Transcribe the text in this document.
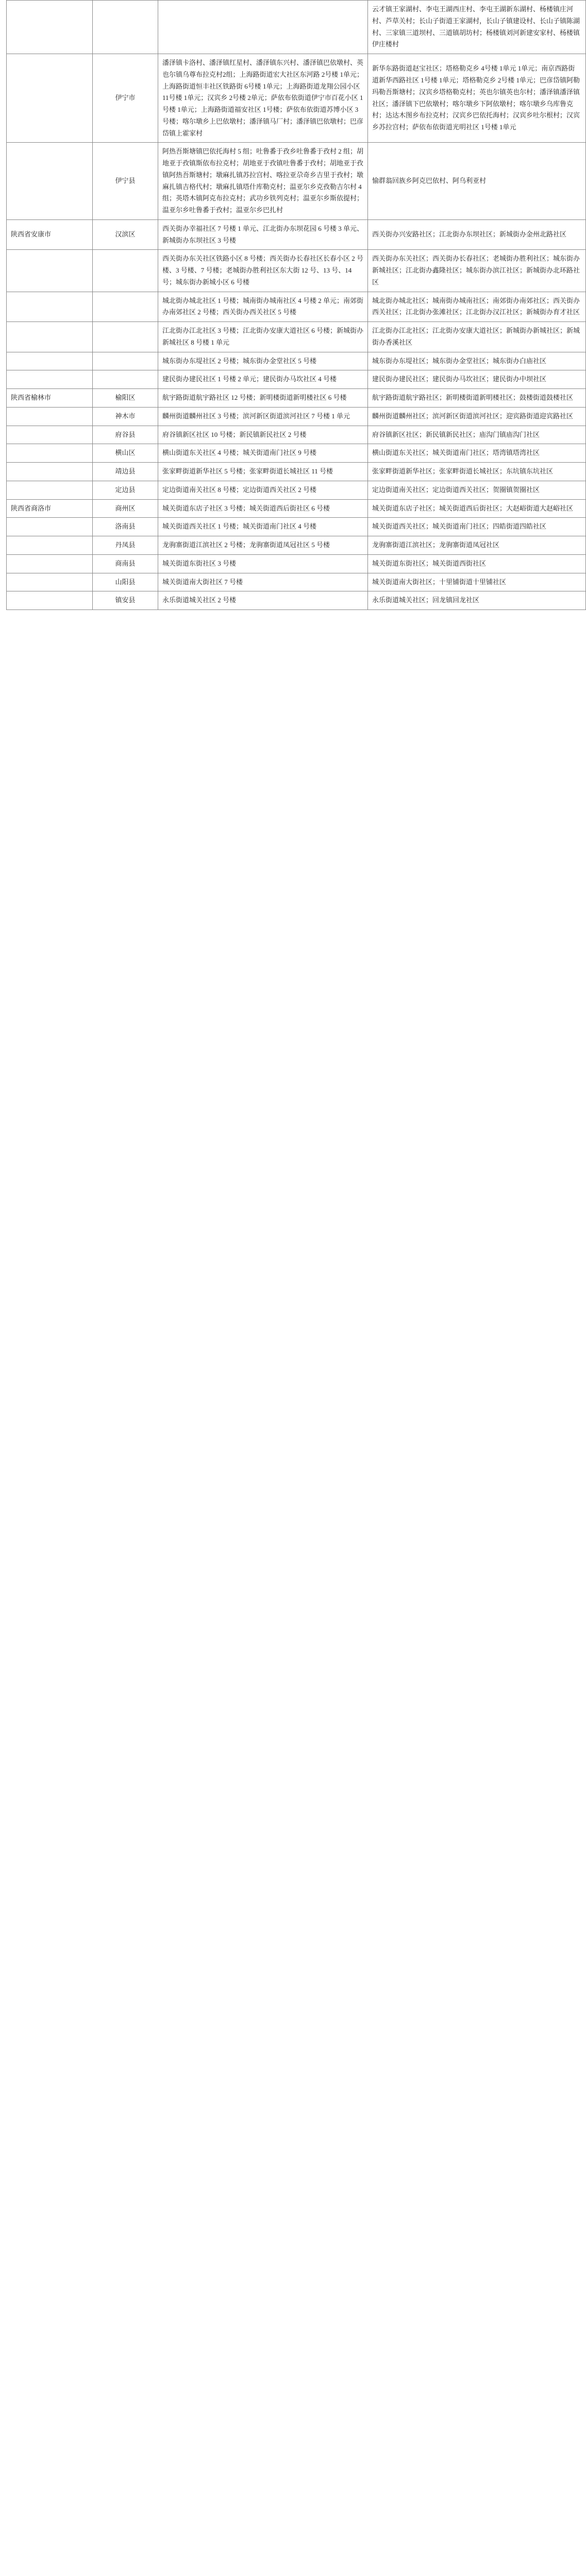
			云才镇王家湖村、李屯王湖西庄村、李屯王湖新东湖村、杨楼镇庄河村、芦草关村；长山子街道王家湖村，长山子镇建设村、长山子镇陈湖村、三家镇三道坝村、三道镇胡坊村；杨楼镇刘河新建安家村、杨楼镇伊庄楼村
	伊宁市	潘泽镇卡洛村、潘泽镇红星村、潘泽镇东兴村、潘泽镇巴依墩村、英也尔镇乌尊布拉克村2组；上海路街道宏大社区东河路 2号楼 1单元；上海路街道恒丰社区铁路街 6号楼 1单元；上海路街道龙翔公园小区 11号楼 1单元；汉宾乡 2号楼 2单元；萨依布依街道伊宁市百花小区 1号楼 1单元；上海路街道福安社区 1号楼；萨依布依街道苏博小区 3号楼；喀尔墩乡上巴依墩村；潘泽镇马厂村；潘泽镇巴依墩村；巴彦岱镇上霍家村	新华东路街道赵宝社区；塔格勒克乡 4号楼 1单元 1单元；南京西路街道新华西路社区 1号楼 1单元；塔格勒克乡 2号楼 1单元；巴彦岱镇阿勒玛勒吾斯塘村；汉宾乡塔格勒克村；英也尔镇英也尔村；潘泽镇潘泽镇社区；潘泽镇下巴依墩村；喀尔墩乡下阿依墩村；喀尔墩乡乌库鲁克村；达达木图乡布拉克村；汉宾乡巴依托海村；汉宾乡吐尔根村；汉宾乡苏拉宫村；萨依布依街道光明社区 1号楼 1单元
	伊宁县	阿热吾斯塘镇巴依托海村 5 组；吐鲁番于孜乡吐鲁番于孜村 2 组；胡地亚于孜镇斯依布拉克村；胡地亚于孜镇吐鲁番于孜村；胡地亚于孜镇阿热吾斯塘村；墩麻扎镇苏拉宫村、喀拉亚尕奇乡吉里于孜村；墩麻扎镇吉格代村；墩麻扎镇塔什库勒克村；温亚尔乡克孜勒吉尔村 4 组；英塔木镇阿克布拉克村；武功乡铁列克村；温亚尔乡斯依提村；温亚尔乡吐鲁番于孜村；温亚尔乡巴扎村	愉群翁回族乡阿克巴依村、阿乌利亚村
陕西省安康市	汉滨区	西关街办幸福社区 7 号楼 1 单元、江北街办东坝花园 6 号楼 3 单元、新城街办东坝社区 3 号楼	西关街办兴安路社区；江北街办东坝社区；新城街办金州北路社区
		西关街办东关社区铁路小区 8 号楼；西关街办长春社区长春小区 2 号楼、3 号楼、7 号楼；老城街办胜利社区东大街 12 号、13 号、14 号；城东街办新城小区 6 号楼	西关街办东关社区；西关街办长春社区；老城街办胜利社区；城东街办新城社区；江北街办鑫隆社区；城东街办滨江社区；新城街办北环路社区
		城北街办城北社区 1 号楼；城南街办城南社区 4 号楼 2 单元；南郊街办南郊社区 2 号楼；西关街办西关社区 5 号楼	城北街办城北社区；城南街办城南社区；南郊街办南郊社区；西关街办西关社区；江北街办张滩社区；江北街办汉江社区；新城街办育才社区
		江北街办江北社区 3 号楼；江北街办安康大道社区 6 号楼；新城街办新城社区 8 号楼 1 单元	江北街办江北社区；江北街办安康大道社区；新城街办新城社区；新城街办香溪社区
		城东街办东堤社区 2 号楼；城东街办金堂社区 5 号楼	城东街办东堤社区；城东街办金堂社区；城东街办白庙社区
		建民街办建民社区 1 号楼 2 单元；建民街办马坎社区 4 号楼	建民街办建民社区；建民街办马坎社区；建民街办中坝社区
陕西省榆林市	榆阳区	航宇路街道航宇路社区 12 号楼；新明楼街道新明楼社区 6 号楼	航宇路街道航宇路社区；新明楼街道新明楼社区；鼓楼街道鼓楼社区
	神木市	麟州街道麟州社区 3 号楼；滨河新区街道滨河社区 7 号楼 1 单元	麟州街道麟州社区；滨河新区街道滨河社区；迎宾路街道迎宾路社区
	府谷县	府谷镇新区社区 10 号楼；新民镇新民社区 2 号楼	府谷镇新区社区；新民镇新民社区；庙沟门镇庙沟门社区
	横山区	横山街道东关社区 4 号楼；城关街道南门社区 9 号楼	横山街道东关社区；城关街道南门社区；塔湾镇塔湾社区
	靖边县	张家畔街道新华社区 5 号楼；张家畔街道长城社区 11 号楼	张家畔街道新华社区；张家畔街道长城社区；东坑镇东坑社区
	定边县	定边街道南关社区 8 号楼；定边街道西关社区 2 号楼	定边街道南关社区；定边街道西关社区；贺圈镇贺圈社区
陕西省商洛市	商州区	城关街道东店子社区 3 号楼；城关街道西后街社区 6 号楼	城关街道东店子社区；城关街道西后街社区；大赵峪街道大赵峪社区
	洛南县	城关街道西关社区 1 号楼；城关街道南门社区 4 号楼	城关街道西关社区；城关街道南门社区；四皓街道四皓社区
	丹凤县	龙驹寨街道江滨社区 2 号楼；龙驹寨街道凤冠社区 5 号楼	龙驹寨街道江滨社区；龙驹寨街道凤冠社区
	商南县	城关街道东街社区 3 号楼	城关街道东街社区；城关街道西街社区
	山阳县	城关街道南大街社区 7 号楼	城关街道南大街社区；十里铺街道十里铺社区
	镇安县	永乐街道城关社区 2 号楼	永乐街道城关社区；回龙镇回龙社区
